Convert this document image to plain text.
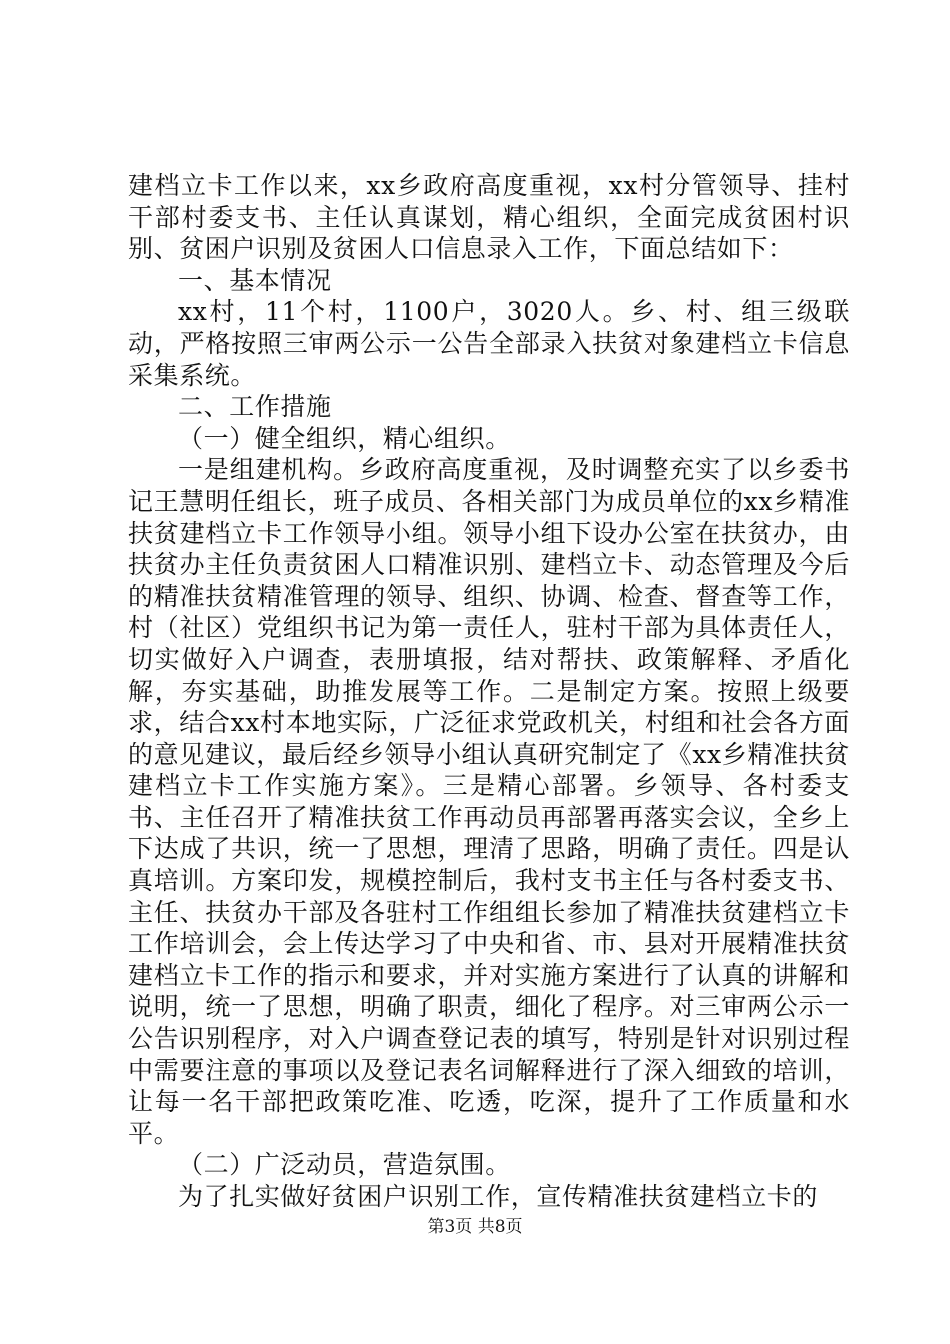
建档立卡工作以来，xx乡政府高度重视，xx村分管领导、挂村干部村委支书、主任认真谋划，精心组织，全面完成贫困村识别、贫困户识别及贫困人口信息录入工作，下面总结如下：

一、基本情况

xx村，11个村，1100户，3020人。乡、村、组三级联动，严格按照三审两公示一公告全部录入扶贫对象建档立卡信息采集系统。

二、工作措施

（一）健全组织，精心组织。

一是组建机构。乡政府高度重视，及时调整充实了以乡委书记王慧明任组长，班子成员、各相关部门为成员单位的xx乡精准扶贫建档立卡工作领导小组。领导小组下设办公室在扶贫办，由扶贫办主任负责贫困人口精准识别、建档立卡、动态管理及今后的精准扶贫精准管理的领导、组织、协调、检查、督查等工作，村（社区）党组织书记为第一责任人，驻村干部为具体责任人，切实做好入户调查，表册填报，结对帮扶、政策解释、矛盾化解，夯实基础，助推发展等工作。二是制定方案。按照上级要求，结合xx村本地实际，广泛征求党政机关，村组和社会各方面的意见建议，最后经乡领导小组认真研究制定了《xx乡精准扶贫建档立卡工作实施方案》。三是精心部署。乡领导、各村委支书、主任召开了精准扶贫工作再动员再部署再落实会议，全乡上下达成了共识，统一了思想，理清了思路，明确了责任。四是认真培训。方案印发，规模控制后，我村支书主任与各村委支书、主任、扶贫办干部及各驻村工作组组长参加了精准扶贫建档立卡工作培训会，会上传达学习了中央和省、市、县对开展精准扶贫建档立卡工作的指示和要求，并对实施方案进行了认真的讲解和说明，统一了思想，明确了职责，细化了程序。对三审两公示一公告识别程序，对入户调查登记表的填写，特别是针对识别过程中需要注意的事项以及登记表名词解释进行了深入细致的培训，让每一名干部把政策吃准、吃透，吃深，提升了工作质量和水平。

（二）广泛动员，营造氛围。

为了扎实做好贫困户识别工作，宣传精准扶贫建档立卡的

第3页 共8页
